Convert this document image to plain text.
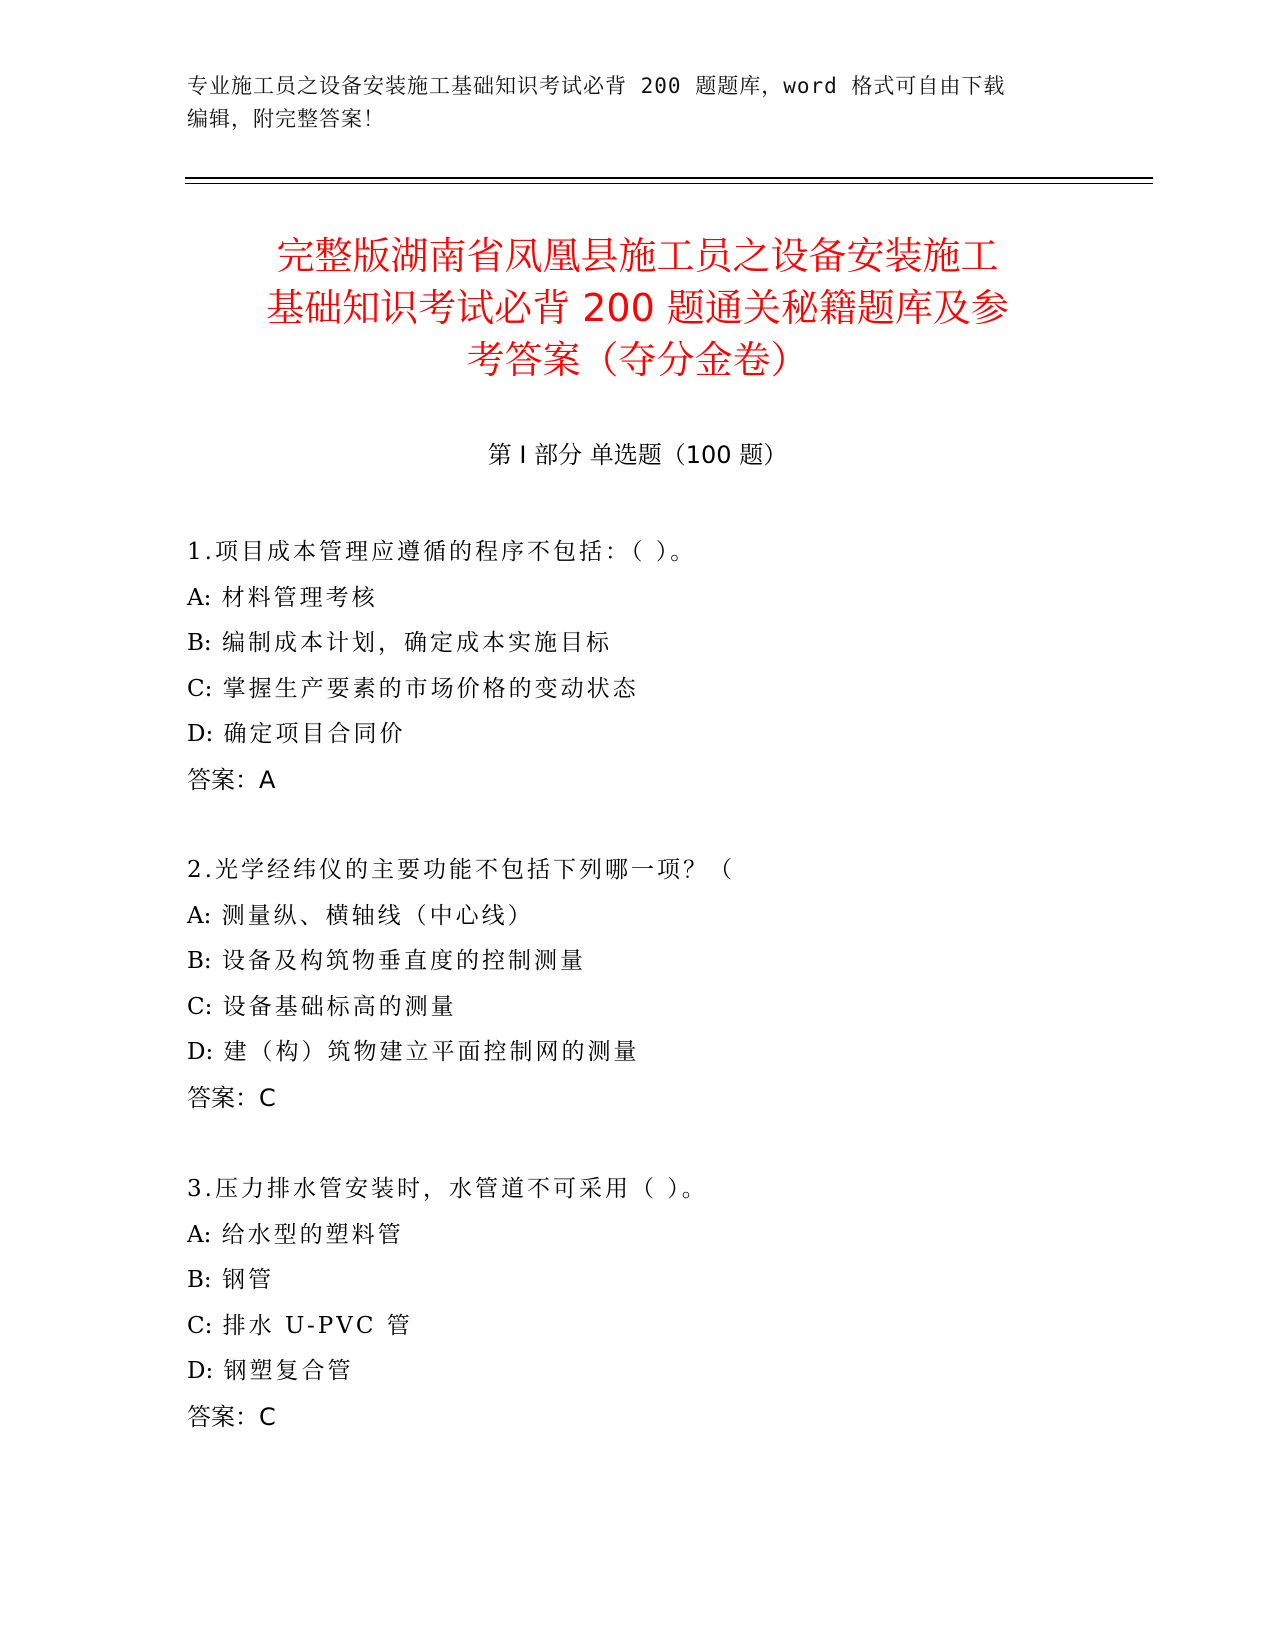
专业施工员之设备安装施工基础知识考试必背 200 题题库，word 格式可自由下载
编辑，附完整答案！
完整版湖南省凤凰县施工员之设备安装施工
基础知识考试必背 200 题通关秘籍题库及参
考答案（夺分金卷）
第 I 部分 单选题（100 题）
1.项目成本管理应遵循的程序不包括：（ ）。
A: 材料管理考核
B: 编制成本计划，确定成本实施目标
C: 掌握生产要素的市场价格的变动状态
D: 确定项目合同价
答案：A
2.光学经纬仪的主要功能不包括下列哪一项？（
A: 测量纵、横轴线（中心线）
B: 设备及构筑物垂直度的控制测量
C: 设备基础标高的测量
D: 建（构）筑物建立平面控制网的测量
答案：C
3.压力排水管安装时，水管道不可采用（ ）。
A: 给水型的塑料管
B: 钢管
C: 排水 U-PVC 管
D: 钢塑复合管
答案：C
